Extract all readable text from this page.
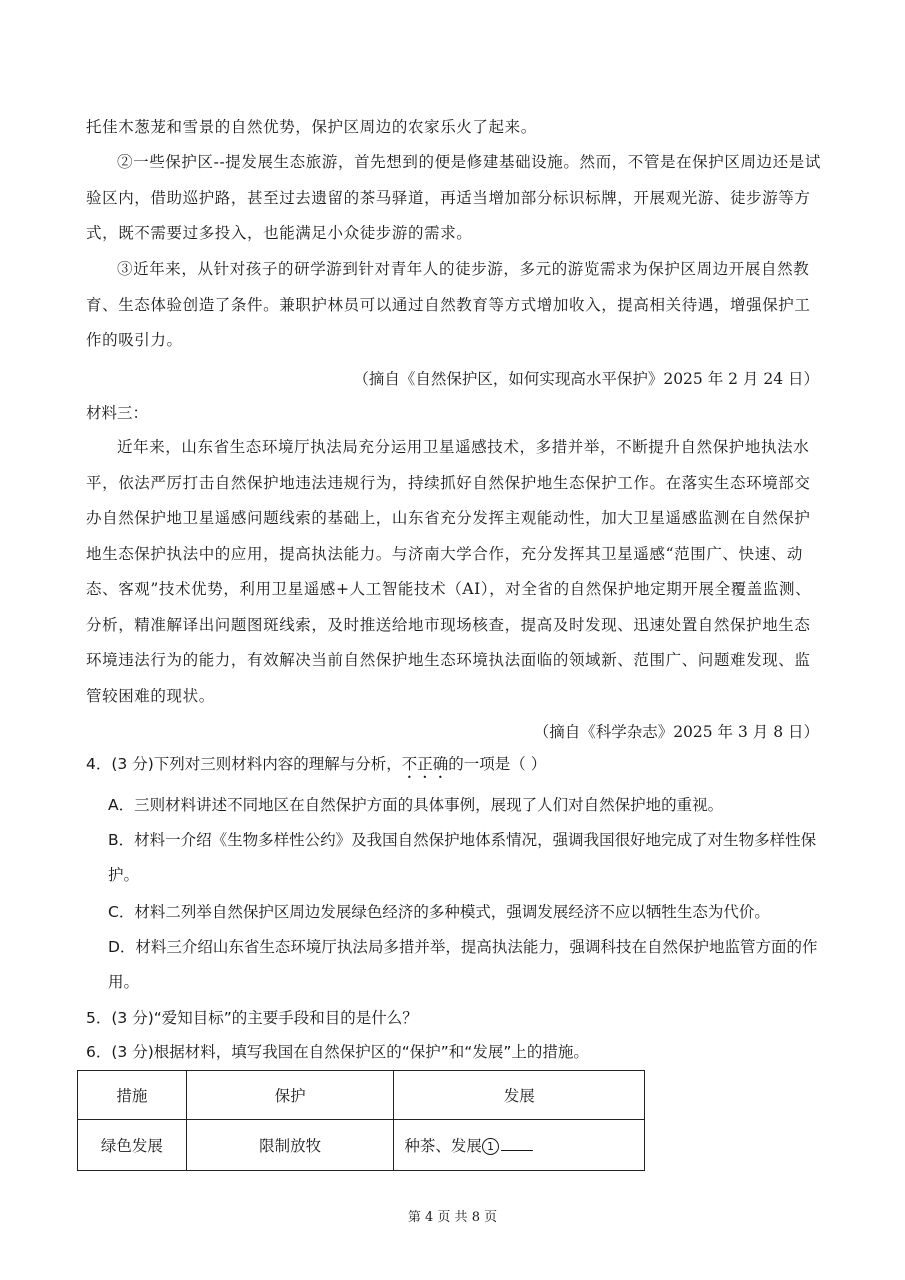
托佳木葱茏和雪景的自然优势，保护区周边的农家乐火了起来。

②一些保护区--提发展生态旅游，首先想到的便是修建基础设施。然而，不管是在保护区周边还是试验区内，借助巡护路，甚至过去遗留的茶马驿道，再适当增加部分标识标牌，开展观光游、徒步游等方式，既不需要过多投入，也能满足小众徒步游的需求。

③近年来，从针对孩子的研学游到针对青年人的徒步游，多元的游览需求为保护区周边开展自然教育、生态体验创造了条件。兼职护林员可以通过自然教育等方式增加收入，提高相关待遇，增强保护工作的吸引力。

（摘自《自然保护区，如何实现高水平保护》2025 年 2 月 24 日）

材料三：

近年来，山东省生态环境厅执法局充分运用卫星遥感技术，多措并举，不断提升自然保护地执法水平，依法严厉打击自然保护地违法违规行为，持续抓好自然保护地生态保护工作。在落实生态环境部交办自然保护地卫星遥感问题线索的基础上，山东省充分发挥主观能动性，加大卫星遥感监测在自然保护地生态保护执法中的应用，提高执法能力。与济南大学合作，充分发挥其卫星遥感“范围广、快速、动态、客观”技术优势，利用卫星遥感+人工智能技术（AI），对全省的自然保护地定期开展全覆盖监测、分析，精准解译出问题图斑线索，及时推送给地市现场核查，提高及时发现、迅速处置自然保护地生态环境违法行为的能力，有效解决当前自然保护地生态环境执法面临的领域新、范围广、问题难发现、监管较困难的现状。

（摘自《科学杂志》2025 年 3 月 8 日）

4．(3 分)下列对三则材料内容的理解与分析，不正确的一项是（ ）

A．三则材料讲述不同地区在自然保护方面的具体事例，展现了人们对自然保护地的重视。

B．材料一介绍《生物多样性公约》及我国自然保护地体系情况，强调我国很好地完成了对生物多样性保护。

C．材料二列举自然保护区周边发展绿色经济的多种模式，强调发展经济不应以牺牲生态为代价。

D．材料三介绍山东省生态环境厅执法局多措并举，提高执法能力，强调科技在自然保护地监管方面的作用。

5．(3 分)“爱知目标”的主要手段和目的是什么？

6．(3 分)根据材料，填写我国在自然保护区的“保护”和“发展”上的措施。

措施	保护	发展
绿色发展	限制放牧	种茶、发展 1

第 4 页 共 8 页
